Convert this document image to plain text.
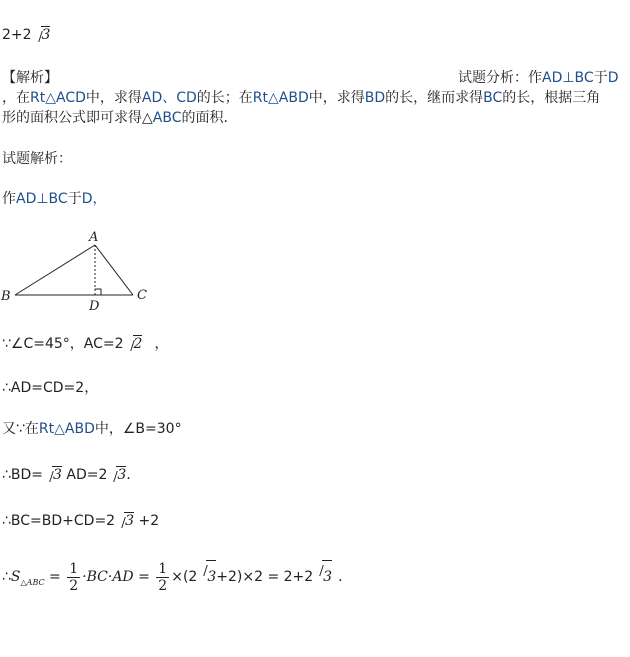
2+2 3
【解析】	试题分析：作AD⊥BC于D
，在Rt△ACD中，求得AD、CD的长；在Rt△ABD中，求得BD的长，继而求得BC的长，根据三角
形的面积公式即可求得△ABC的面积.
试题解析：
作AD⊥BC于D，
A
B	C
D
∵∠C=45°，AC=2 2 ，
∴AD=CD=2，
又∵在Rt△ABD中，∠B=30°
∴BD= 3 AD=2 3．
∴BC=BD+CD=2 3 +2
$\therefore S_{\triangle ABC} = \frac{1}{2} \cdot BC\cdot AD = \frac{1}{2} \times(2$ 3+2)×2 = 2+2 3 ．
